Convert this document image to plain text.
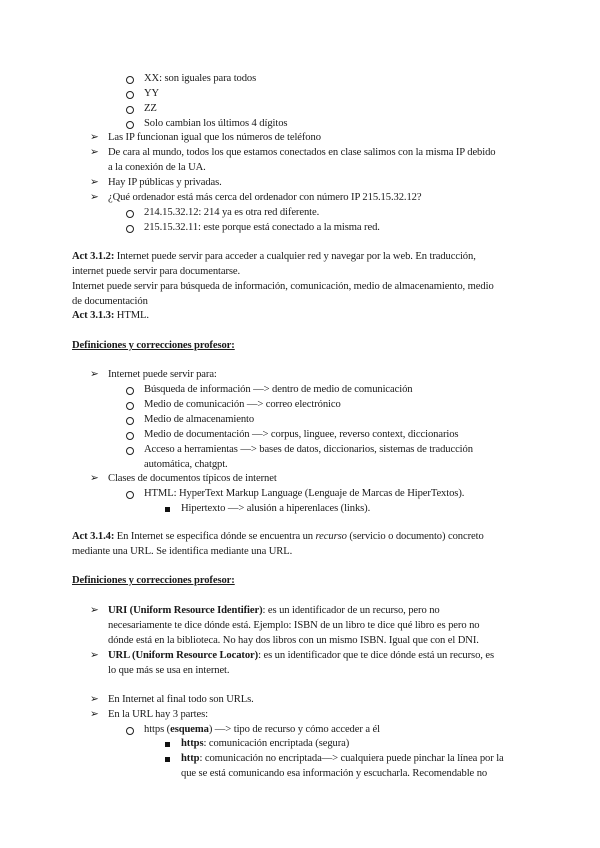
XX: son iguales para todos
YY
ZZ
Solo cambian los últimos 4 dígitos
➢ Las IP funcionan igual que los números de teléfono
➢ De cara al mundo, todos los que estamos conectados en clase salimos con la misma IP debido
a la conexión de la UA.
➢ Hay IP públicas y privadas.
➢ ¿Qué ordenador está más cerca del ordenador con número IP 215.15.32.12?
214.15.32.12: 214 ya es otra red diferente.
215.15.32.11: este porque está conectado a la misma red.
Act 3.1.2: Internet puede servir para acceder a cualquier red y navegar por la web. En traducción,
internet puede servir para documentarse.
Internet puede servir para búsqueda de información, comunicación, medio de almacenamiento, medio
de documentación
Act 3.1.3: HTML.
Definiciones y correcciones profesor:
➢ Internet puede servir para:
Búsqueda de información —> dentro de medio de comunicación
Medio de comunicación —> correo electrónico
Medio de almacenamiento
Medio de documentación —> corpus, linguee, reverso context, diccionarios
Acceso a herramientas —> bases de datos, diccionarios, sistemas de traducción
automática, chatgpt.
➢ Clases de documentos típicos de internet
HTML: HyperText Markup Language (Lenguaje de Marcas de HiperTextos).
Hipertexto —> alusión a hiperenlaces (links).
Act 3.1.4: En Internet se especifica dónde se encuentra un recurso (servicio o documento) concreto
mediante una URL. Se identifica mediante una URL.
Definiciones y correcciones profesor:
➢ URI (Uniform Resource Identifier): es un identificador de un recurso, pero no
necesariamente te dice dónde está. Ejemplo: ISBN de un libro te dice qué libro es pero no
dónde está en la biblioteca. No hay dos libros con un mismo ISBN. Igual que con el DNI.
➢ URL (Uniform Resource Locator): es un identificador que te dice dónde está un recurso, es
lo que más se usa en internet.
➢ En Internet al final todo son URLs.
➢ En la URL hay 3 partes:
https (esquema) —> tipo de recurso y cómo acceder a él
https: comunicación encriptada (segura)
http: comunicación no encriptada—> cualquiera puede pinchar la línea por la
que se está comunicando esa información y escucharla. Recomendable no
